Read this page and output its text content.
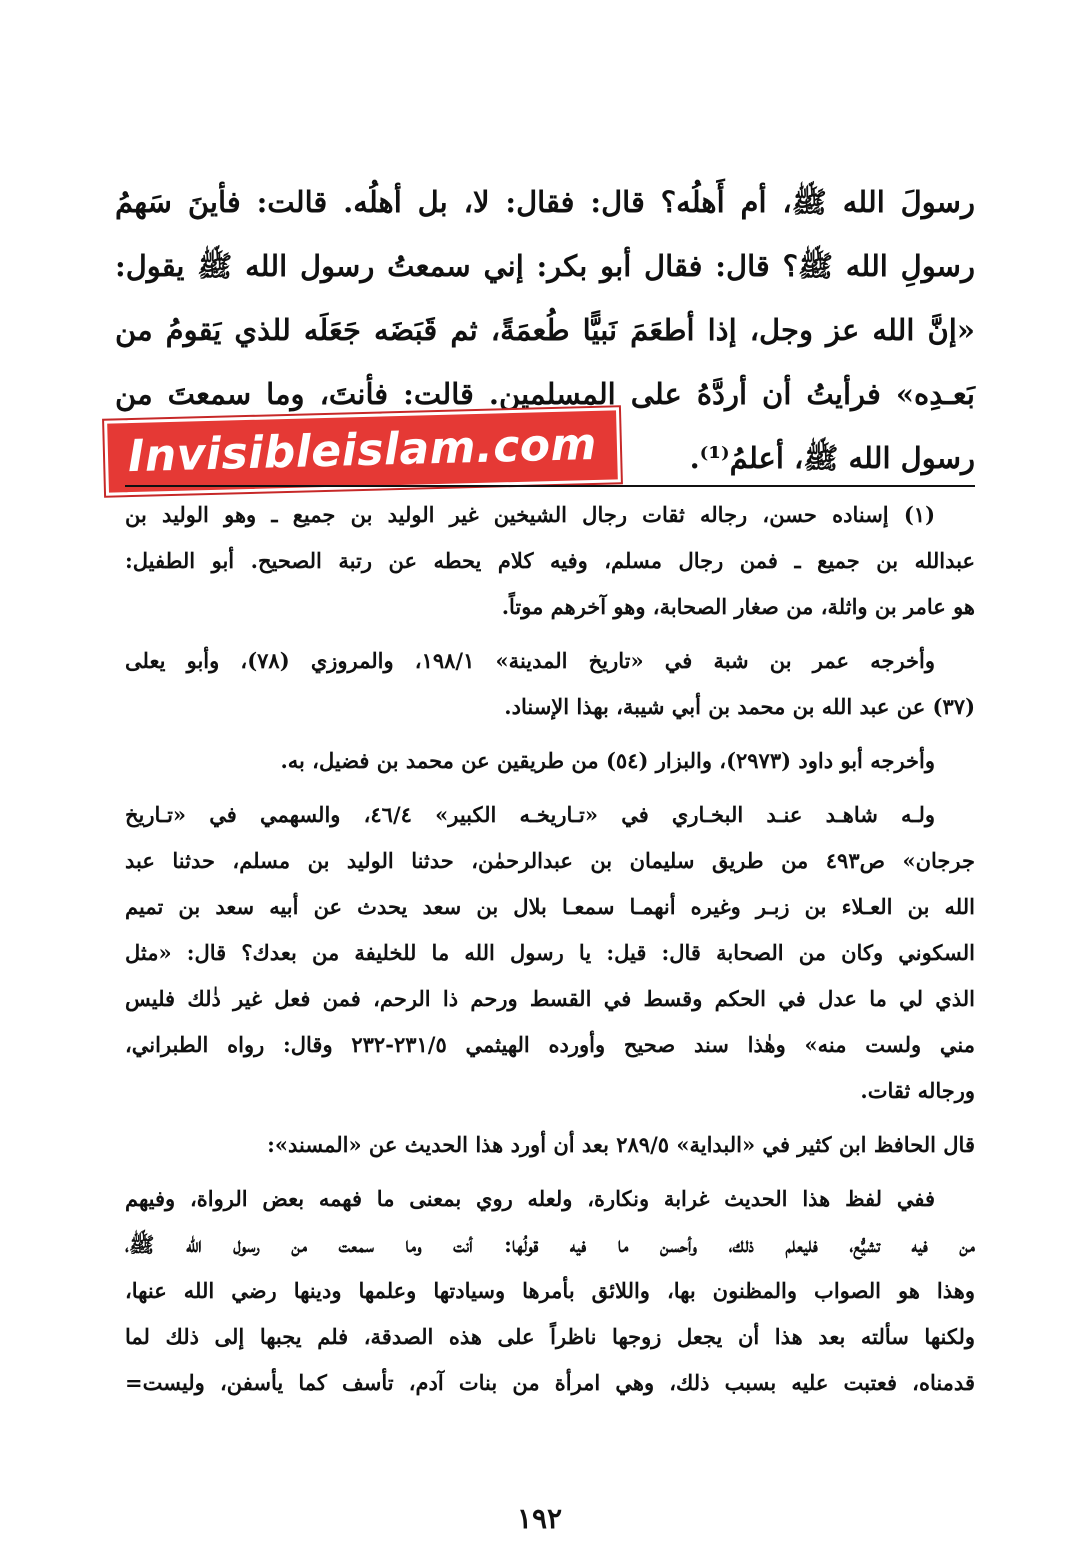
رسولَ الله ﷺ، أم أَهلُه؟ قال: فقال: لا، بل أهلُه. قالت: فأينَ سَهمُ
رسولِ الله ﷺ؟ قال: فقال أبو بكر: إني سمعتُ رسول الله ﷺ يقول:
«إنَّ الله عز وجل، إذا أطعَمَ نَبيًّا طُعمَةً، ثم قَبَضَه جَعَلَه للذي يَقومُ من
بَعـدِه» فرأيتُ أن أردَّهُ على المسلمين. قالت: فأنتَ، وما سمعتَ من
رسول الله ﷺ، أعلمُ⁽¹⁾.
Invisibleislam.com
(١) إسناده حسن، رجاله ثقات رجال الشيخين غير الوليد بن جميع ـ وهو الوليد بن
عبدالله بن جميع ـ فمن رجال مسلم، وفيه كلام يحطه عن رتبة الصحيح. أبو الطفيل:
هو عامر بن واثلة، من صغار الصحابة، وهو آخرهم موتاً.
وأخرجه عمر بن شبة في «تاريخ المدينة» ١٩٨/١، والمروزي (٧٨)، وأبو يعلى
(٣٧) عن عبد الله بن محمد بن أبي شيبة، بهذا الإسناد.
وأخرجه أبو داود (٢٩٧٣)، والبزار (٥٤) من طريقين عن محمد بن فضيل، به.
ولـه شاهـد عنـد البخـاري في «تـاريخـه الكبير» ٤٦/٤، والسهمي في «تـاريخ
جرجان» ص٤٩٣ من طريق سليمان بن عبدالرحمٰن، حدثنا الوليد بن مسلم، حدثنا عبد
الله بن العـلاء بن زبـر وغيره أنهمـا سمعـا بلال بن سعد يحدث عن أبيه سعد بن تميم
السكوني وكان من الصحابة قال: قيل: يا رسول الله ما للخليفة من بعدك؟ قال: «مثل
الذي لي ما عدل في الحكم وقسط في القسط ورحم ذا الرحم، فمن فعل غير ذٰلك فليس
مني ولست منه» وهٰذا سند صحيح وأورده الهيثمي ٢٣١/٥-٢٣٢ وقال: رواه الطبراني،
ورجاله ثقات.
قال الحافظ ابن كثير في «البداية» ٢٨٩/٥ بعد أن أورد هذا الحديث عن «المسند»:
ففي لفظ هذا الحديث غرابة ونكارة، ولعله روي بمعنى ما فهمه بعض الرواة، وفيهم
من فيه تشيُّع، فليعلم ذلك، وأحسن ما فيه قولُها: أنت وما سمعت من رسول الله ﷺ،
وهذا هو الصواب والمظنون بها، واللائق بأمرها وسيادتها وعلمها ودينها رضي الله عنها،
ولكنها سألته بعد هذا أن يجعل زوجها ناظراً على هذه الصدقة، فلم يجبها إلى ذلك لما
قدمناه، فعتبت عليه بسبب ذلك، وهي امرأة من بنات آدم، تأسف كما يأسفن، وليست=
١٩٢
